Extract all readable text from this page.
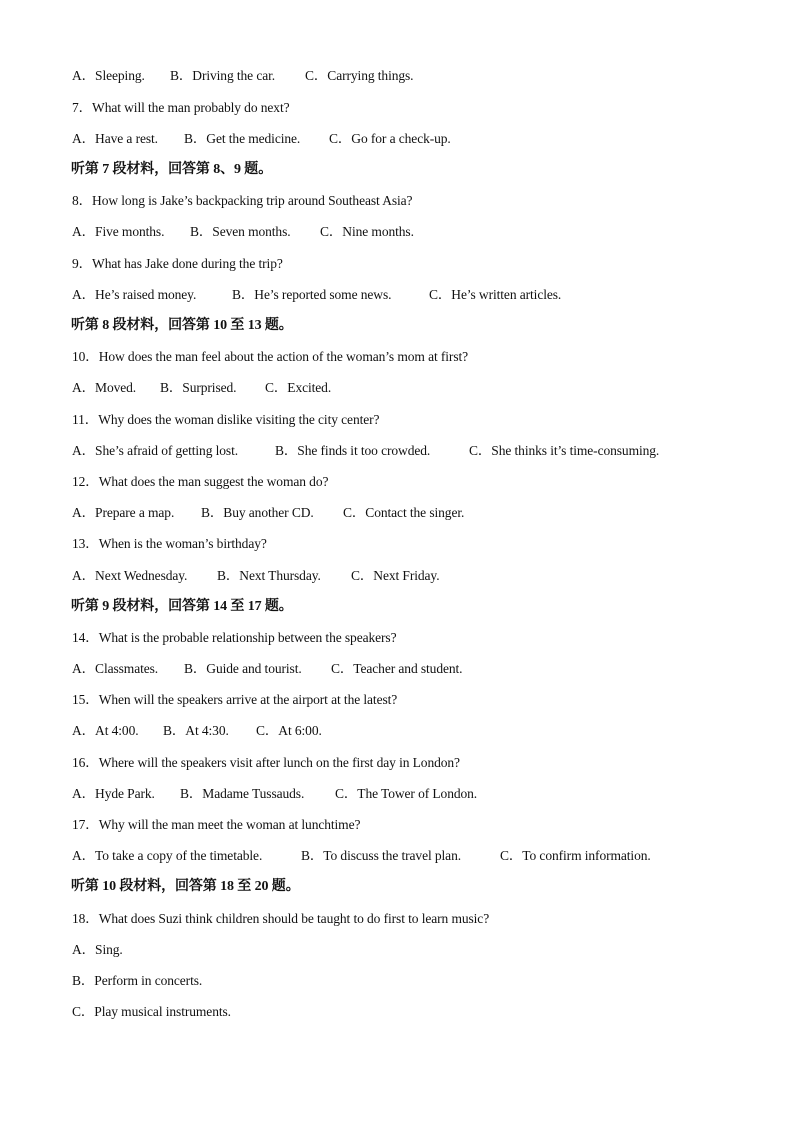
A．Sleeping. B．Driving the car. C．Carrying things.
7．What will the man probably do next?
A．Have a rest. B．Get the medicine. C．Go for a check-up.
听第 7 段材料，回答第 8、9 题。
8．How long is Jake’s backpacking trip around Southeast Asia?
A．Five months. B．Seven months. C．Nine months.
9．What has Jake done during the trip?
A．He’s raised money.	B．He’s reported some news.	C．He’s written articles.
听第 8 段材料，回答第 10 至 13 题。
10．How does the man feel about the action of the woman’s mom at first?
A．Moved. B．Surprised. C．Excited.
11．Why does the woman dislike visiting the city center?
A．She’s afraid of getting lost.	B．She finds it too crowded.	C．She thinks it’s time-consuming.
12．What does the man suggest the woman do?
A．Prepare a map. B．Buy another CD. C．Contact the singer.
13．When is the woman’s birthday?
A．Next Wednesday. B．Next Thursday. C．Next Friday.
听第 9 段材料，回答第 14 至 17 题。
14．What is the probable relationship between the speakers?
A．Classmates. B．Guide and tourist. C．Teacher and student.
15．When will the speakers arrive at the airport at the latest?
A．At 4:00. B．At 4:30. C．At 6:00.
16．Where will the speakers visit after lunch on the first day in London?
A．Hyde Park. B．Madame Tussauds. C．The Tower of London.
17．Why will the man meet the woman at lunchtime?
A．To take a copy of the timetable.	B．To discuss the travel plan.	C．To confirm information.
听第 10 段材料，回答第 18 至 20 题。
18．What does Suzi think children should be taught to do first to learn music?
A．Sing.
B．Perform in concerts.
C．Play musical instruments.
